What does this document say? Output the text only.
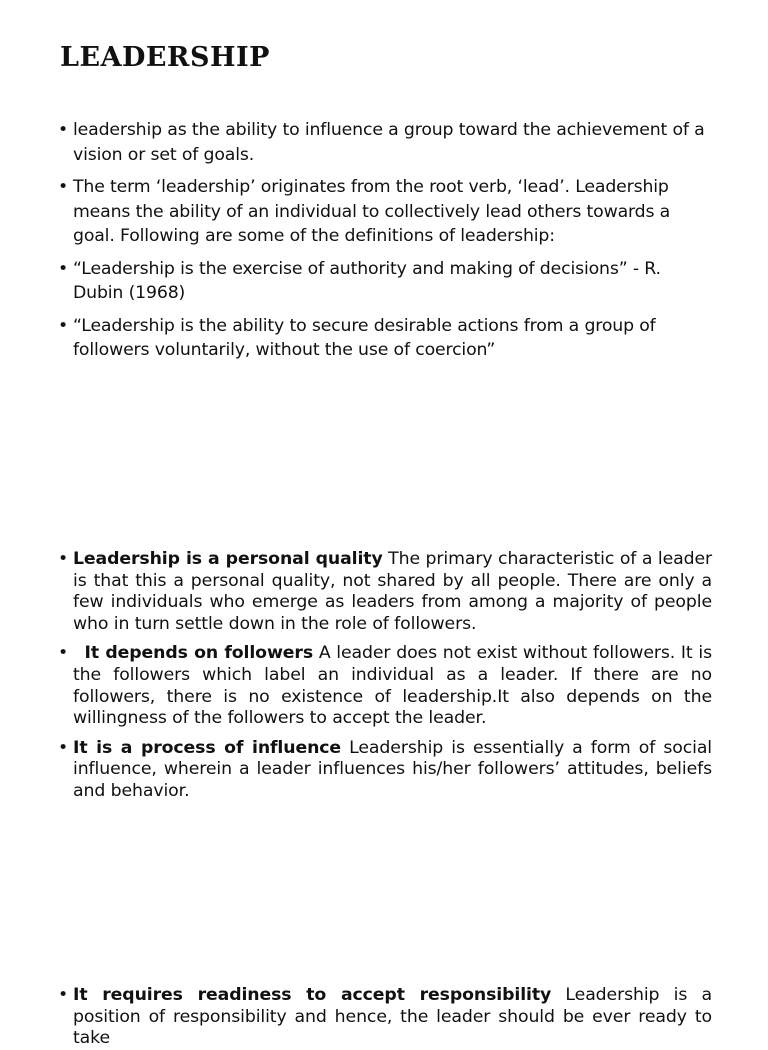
LEADERSHIP
• leadership as the ability to influence a group toward the achievement of a vision or set of goals.
• The term ‘leadership’ originates from the root verb, ‘lead’. Leadership means the ability of an individual to collectively lead others towards a goal. Following are some of the definitions of leadership:
• “Leadership is the exercise of authority and making of decisions” - R. Dubin (1968)
• “Leadership is the ability to secure desirable actions from a group of followers voluntarily, without the use of coercion”
• Leadership is a personal quality The primary characteristic of a leader is that this a personal quality, not shared by all people. There are only a few individuals who emerge as leaders from among a majority of people who in turn settle down in the role of followers.
• It depends on followers A leader does not exist without followers. It is the followers which label an individual as a leader. If there are no followers, there is no existence of leadership.It also depends on the willingness of the followers to accept the leader.
• It is a process of influence Leadership is essentially a form of social influence, wherein a leader influences his/her followers’ attitudes, beliefs and behavior.
• It requires readiness to accept responsibility Leadership is a position of responsibility and hence, the leader should be ever ready to take
